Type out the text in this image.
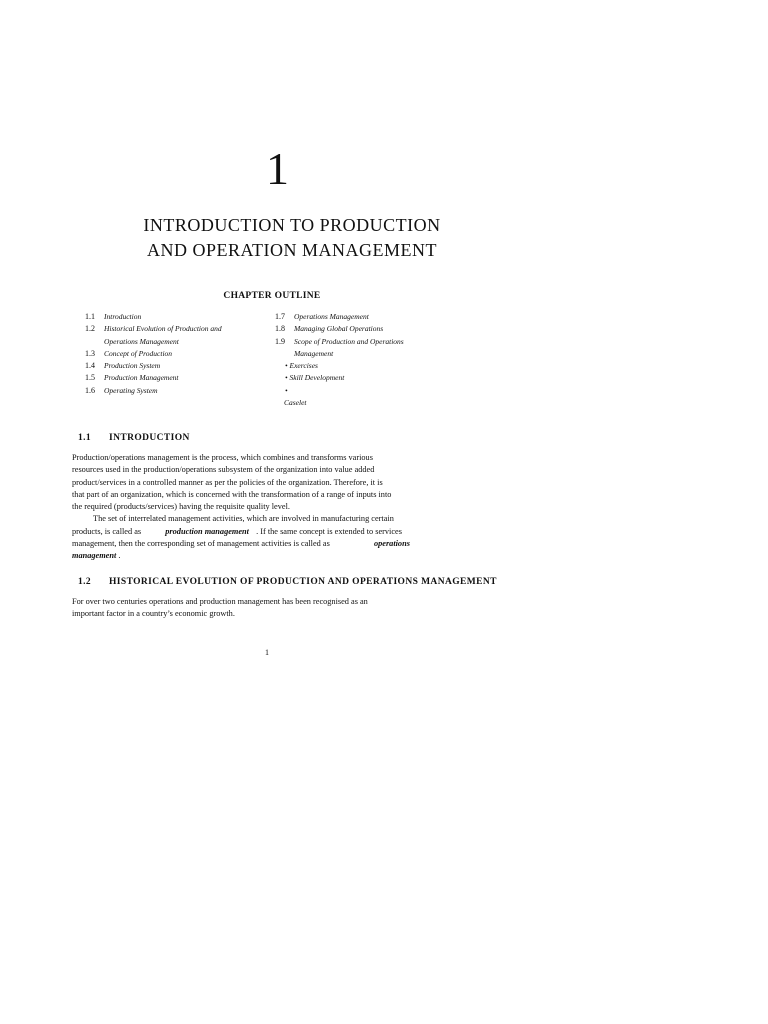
1
INTRODUCTION TO PRODUCTION
AND OPERATION MANAGEMENT
CHAPTER OUTLINE
1.1 Introduction
1.2 Historical Evolution of Production and
Operations Management
1.3 Concept of Production
1.4 Production System
1.5 Production Management
1.6 Operating System
1.7 Operations Management
1.8 Managing Global Operations
1.9 Scope of Production and Operations
Management
• Exercises
• Skill Development
•
Caselet
1.1 INTRODUCTION
Production/operations management is the process, which combines and transforms various
resources used in the production/operations subsystem of the organization into value added
product/services in a controlled manner as per the policies of the organization. Therefore, it is
that part of an organization, which is concerned with the transformation of a range of inputs into
the required (products/services) having the requisite quality level.
The set of interrelated management activities, which are involved in manufacturing certain
products, is called as	production management . If the same concept is extended to services
management, then the corresponding set of management activities is called as	operations
management .
1.2 HISTORICAL EVOLUTION OF PRODUCTION AND OPERATIONS MANAGEMENT
For over two centuries operations and production management has been recognised as an
important factor in a country’s economic growth.
1
